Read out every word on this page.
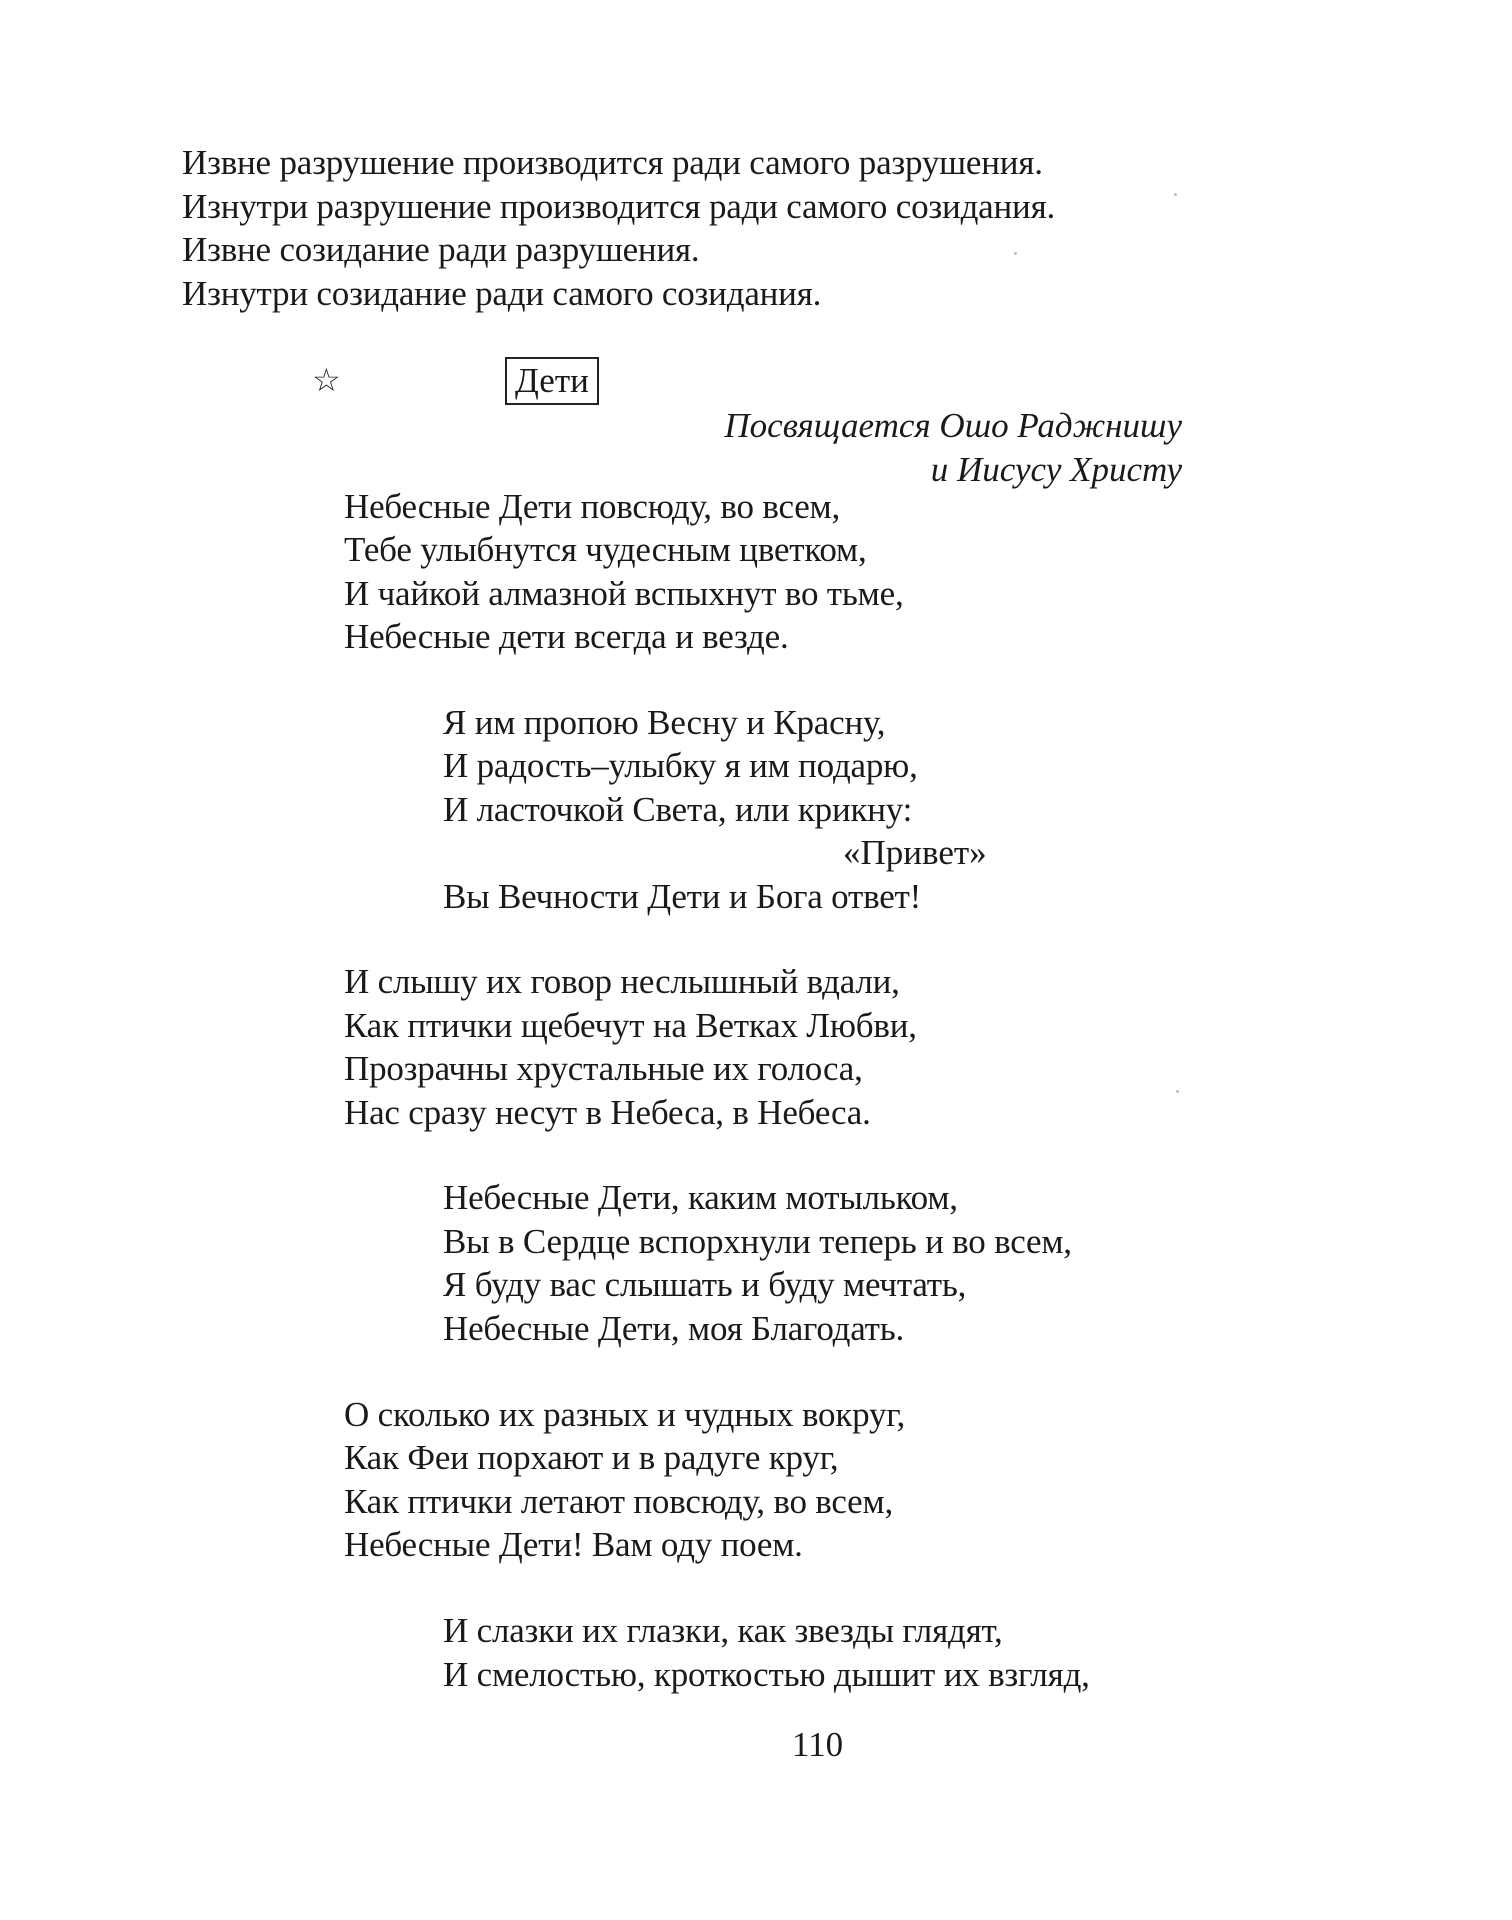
Извне разрушение производится ради самого разрушения.
Изнутри разрушение производится ради самого созидания.
Извне созидание ради разрушения.
Изнутри созидание ради самого созидания.
☆	Дети
Посвящается Ошо Раджнишу
и Иисусу Христу
Небесные Дети повсюду, во всем,
Тебе улыбнутся чудесным цветком,
И чайкой алмазной вспыхнут во тьме,
Небесные дети всегда и везде.
Я им пропою Весну и Красну,
И радость–улыбку я им подарю,
И ласточкой Света, или крикну:
«Привет»
Вы Вечности Дети и Бога ответ!
И слышу их говор неслышный вдали,
Как птички щебечут на Ветках Любви,
Прозрачны хрустальные их голоса,
Нас сразу несут в Небеса, в Небеса.
Небесные Дети, каким мотыльком,
Вы в Сердце вспорхнули теперь и во всем,
Я буду вас слышать и буду мечтать,
Небесные Дети, моя Благодать.
О сколько их разных и чудных вокруг,
Как Феи порхают и в радуге круг,
Как птички летают повсюду, во всем,
Небесные Дети! Вам оду поем.
И слазки их глазки, как звезды глядят,
И смелостью, кроткостью дышит их взгляд,
110
